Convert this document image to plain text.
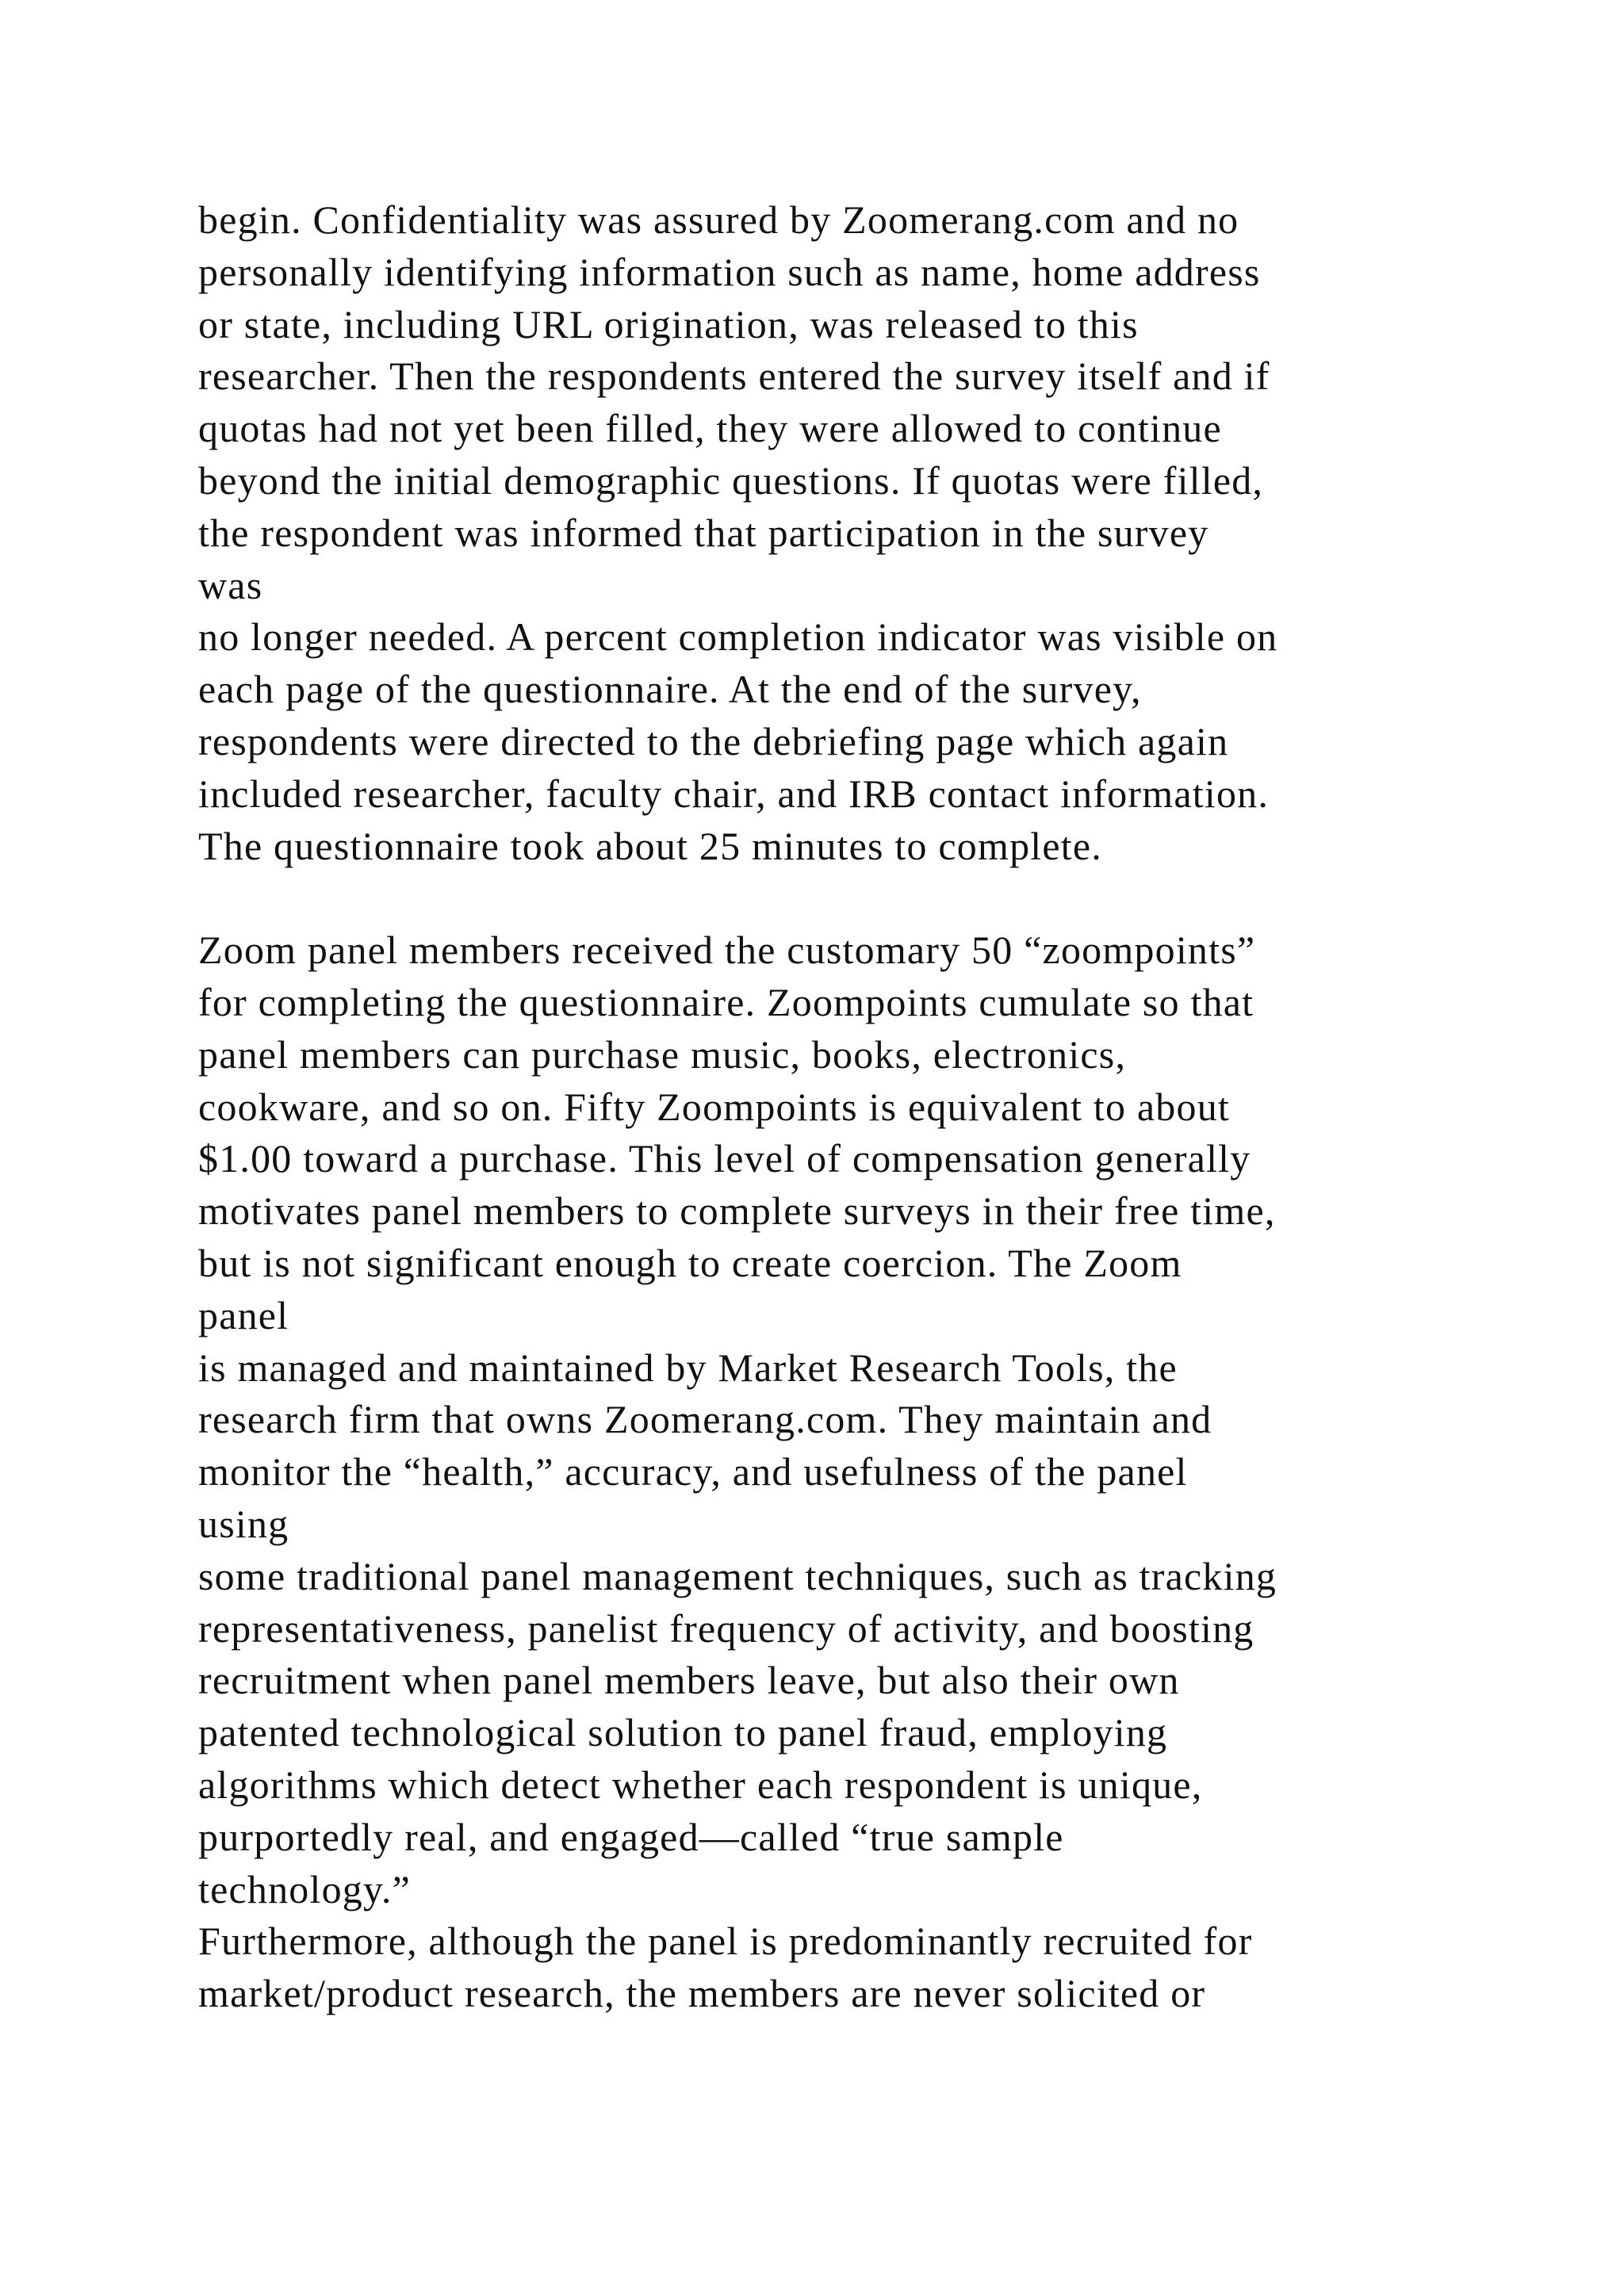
begin. Confidentiality was assured by Zoomerang.com and no
personally identifying information such as name, home address
or state, including URL origination, was released to this
researcher. Then the respondents entered the survey itself and if
quotas had not yet been filled, they were allowed to continue
beyond the initial demographic questions. If quotas were filled,
the respondent was informed that participation in the survey
was
no longer needed. A percent completion indicator was visible on
each page of the questionnaire. At the end of the survey,
respondents were directed to the debriefing page which again
included researcher, faculty chair, and IRB contact information.
The questionnaire took about 25 minutes to complete.
Zoom panel members received the customary 50 “zoompoints”
for completing the questionnaire. Zoompoints cumulate so that
panel members can purchase music, books, electronics,
cookware, and so on. Fifty Zoompoints is equivalent to about
$1.00 toward a purchase. This level of compensation generally
motivates panel members to complete surveys in their free time,
but is not significant enough to create coercion. The Zoom
panel
is managed and maintained by Market Research Tools, the
research firm that owns Zoomerang.com. They maintain and
monitor the “health,” accuracy, and usefulness of the panel
using
some traditional panel management techniques, such as tracking
representativeness, panelist frequency of activity, and boosting
recruitment when panel members leave, but also their own
patented technological solution to panel fraud, employing
algorithms which detect whether each respondent is unique,
purportedly real, and engaged—called “true sample
technology.”
Furthermore, although the panel is predominantly recruited for
market/product research, the members are never solicited or
